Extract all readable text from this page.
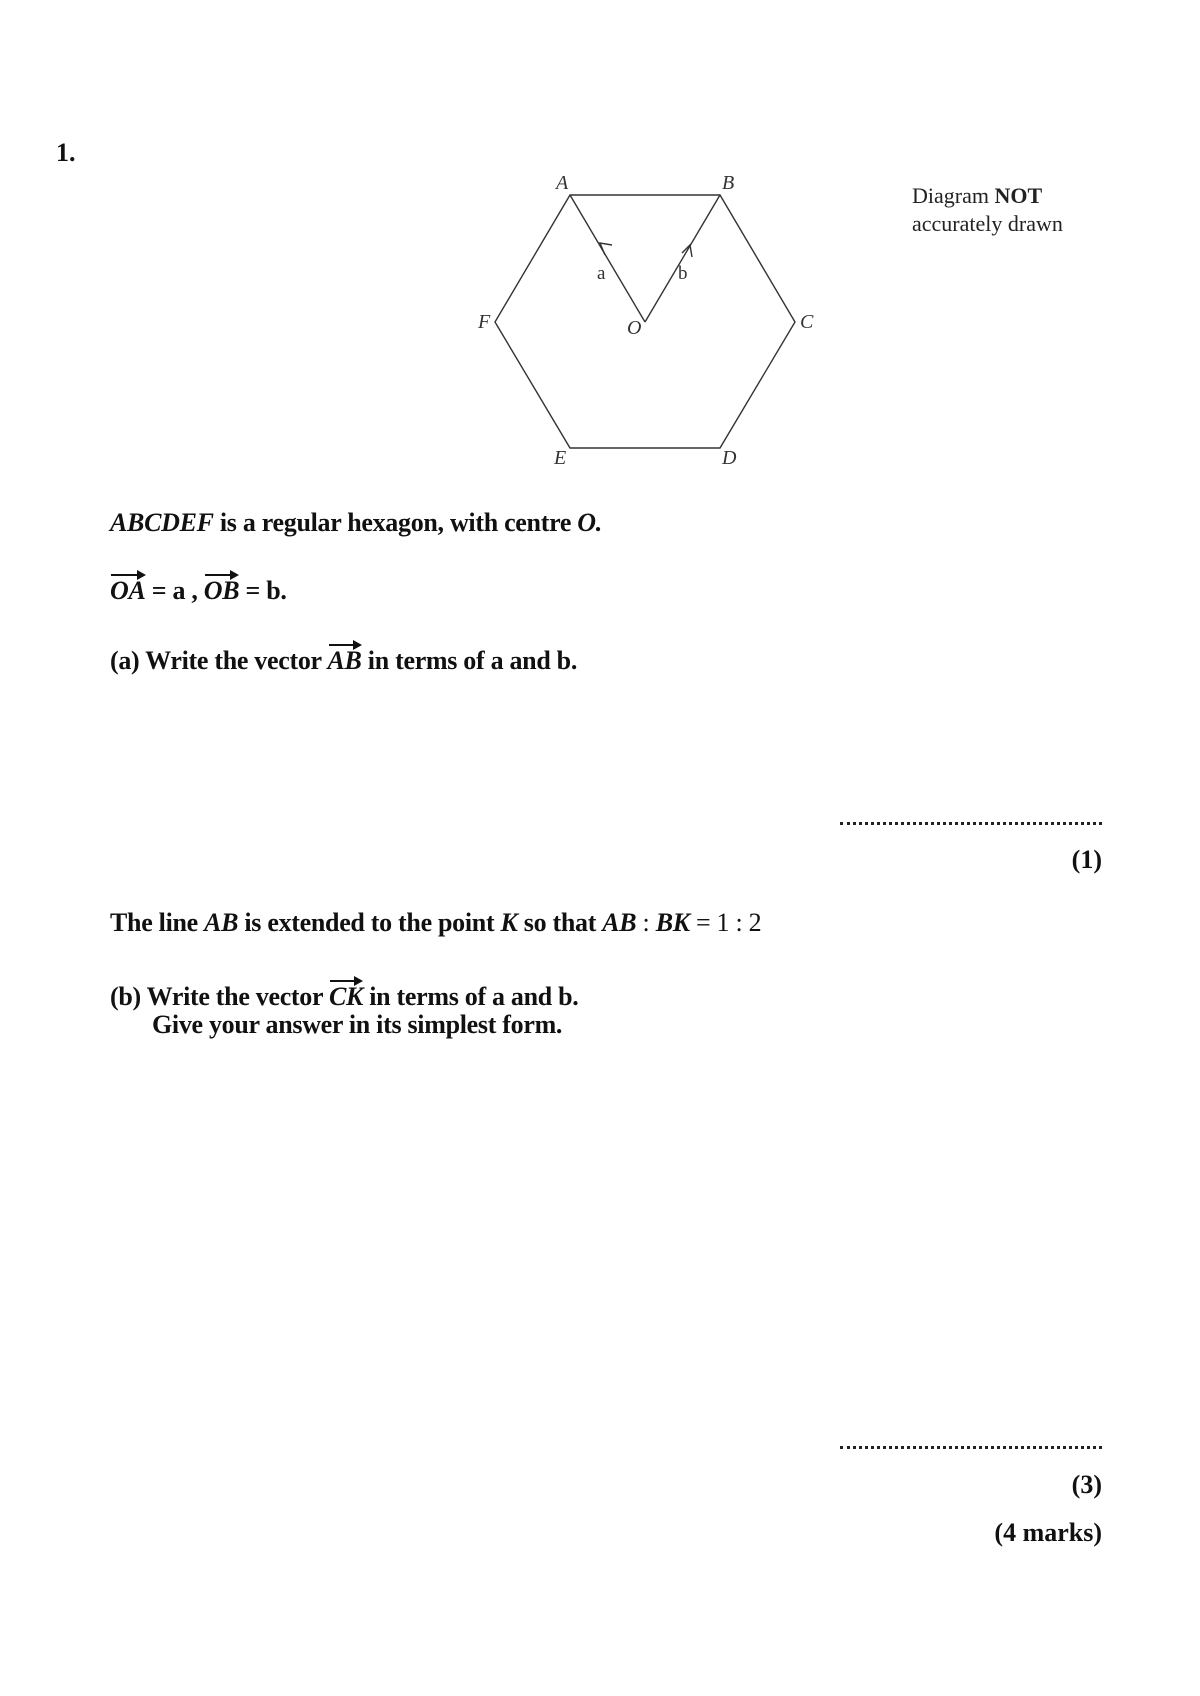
1.
A	B
C
D
E
F	O
a	b
Diagram NOT
accurately drawn
ABCDEF is a regular hexagon, with centre O.
OA = a , OB = b.
(a) Write the vector AB in terms of a and b.
(1)
The line AB is extended to the point K so that AB : BK = 1 : 2
(b) Write the vector CK in terms of a and b.
Give your answer in its simplest form.
(3)
(4 marks)
